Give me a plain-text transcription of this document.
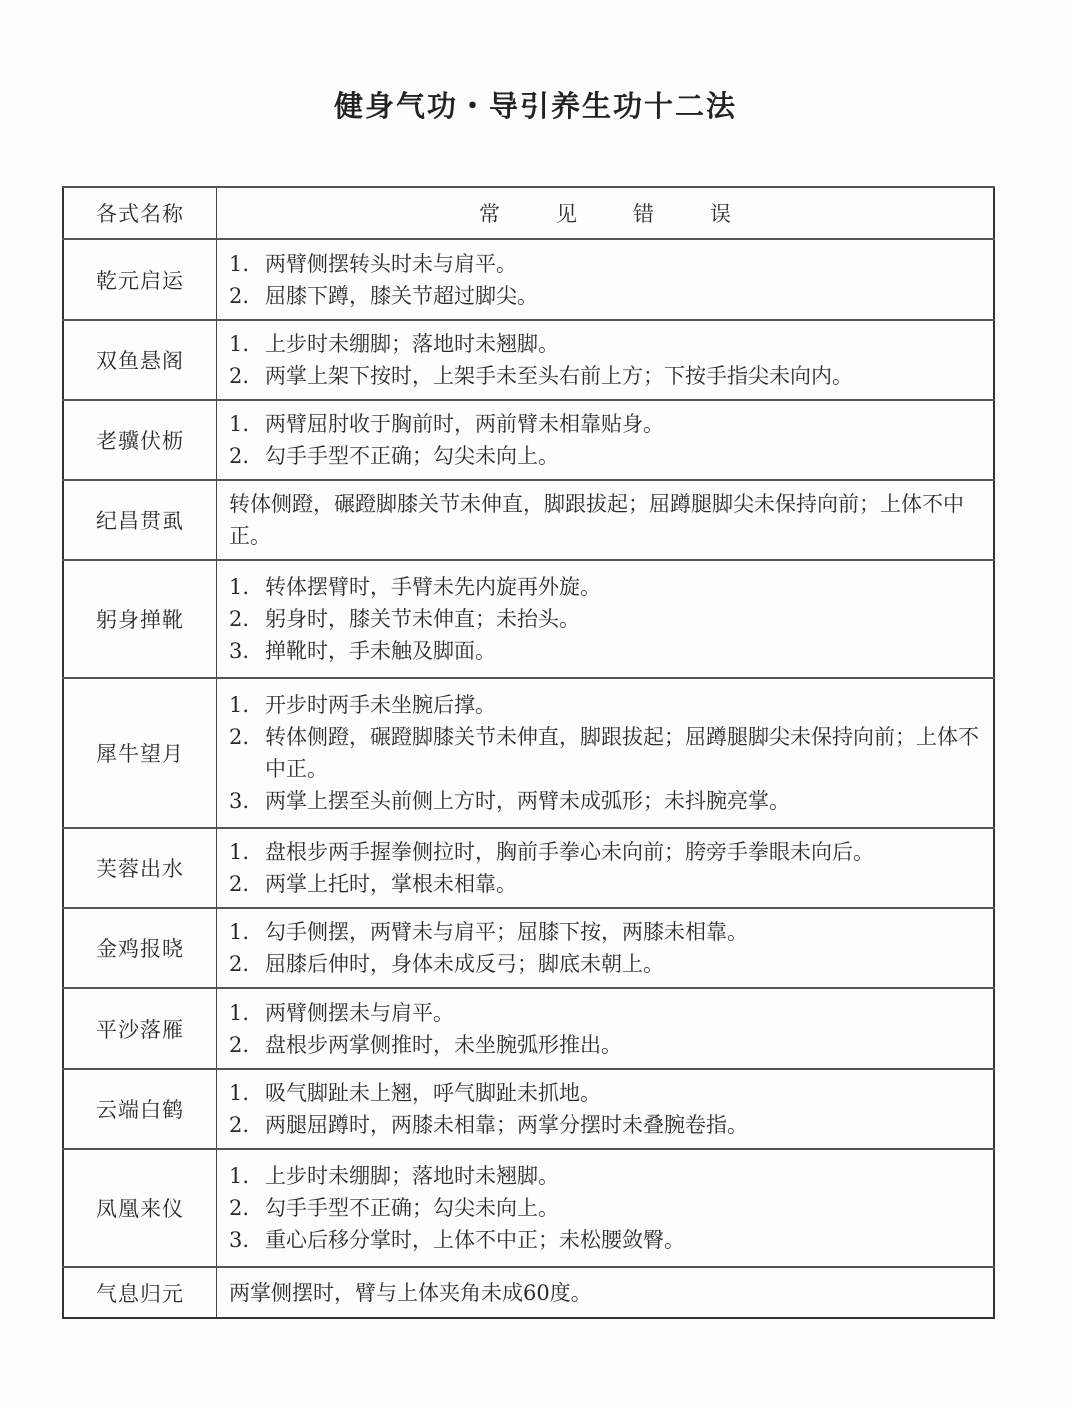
健身气功・导引养生功十二法
各式名称	常 见 错 误
乾元启运	1. 两臂侧摆转头时未与肩平。
2. 屈膝下蹲，膝关节超过脚尖。

双鱼悬阁	1. 上步时未绷脚；落地时未翘脚。
2. 两掌上架下按时，上架手未至头右前上方；下按手指尖未向内。

老骥伏枥	1. 两臂屈肘收于胸前时，两前臂未相靠贴身。
2. 勾手手型不正确；勾尖未向上。

纪昌贯虱	转体侧蹬，碾蹬脚膝关节未伸直，脚跟拔起；屈蹲腿脚尖未保持向前；上体不中正。

躬身掸靴	1. 转体摆臂时，手臂未先内旋再外旋。
2. 躬身时，膝关节未伸直；未抬头。
3. 掸靴时，手未触及脚面。

犀牛望月	1. 开步时两手未坐腕后撑。
2. 转体侧蹬，碾蹬脚膝关节未伸直，脚跟拔起；屈蹲腿脚尖未保持向前；上体不中正。
3. 两掌上摆至头前侧上方时，两臂未成弧形；未抖腕亮掌。

芙蓉出水	1. 盘根步两手握拳侧拉时，胸前手拳心未向前；胯旁手拳眼未向后。
2. 两掌上托时，掌根未相靠。

金鸡报晓	1. 勾手侧摆，两臂未与肩平；屈膝下按，两膝未相靠。
2. 屈膝后伸时，身体未成反弓；脚底未朝上。

平沙落雁	1. 两臂侧摆未与肩平。
2. 盘根步两掌侧推时，未坐腕弧形推出。

云端白鹤	1. 吸气脚趾未上翘，呼气脚趾未抓地。
2. 两腿屈蹲时，两膝未相靠；两掌分摆时未叠腕卷指。

凤凰来仪	1. 上步时未绷脚；落地时未翘脚。
2. 勾手手型不正确；勾尖未向上。
3. 重心后移分掌时，上体不中正；未松腰敛臀。

气息归元	两掌侧摆时，臂与上体夹角未成60度。
